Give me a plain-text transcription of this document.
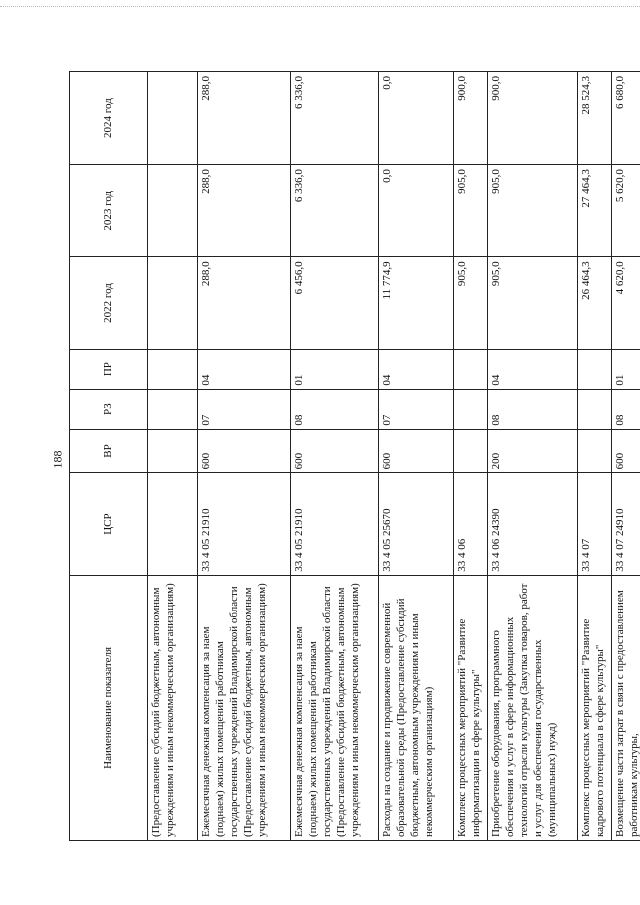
188
Наименование показателя	ЦСР	ВР	РЗ	ПР	2022 год	2023 год	2024 год
(Предоставление субсидий бюджетным, автономным учреждениям и иным некоммерческим организациям)							
Ежемесячная денежная компенсация за наем (поднаем) жилых помещений работникам государственных учреждений Владимирской области (Предоставление субсидий бюджетным, автономным учреждениям и иным некоммерческим организациям)	33 4 05 21910	600	07	04	288,0	288,0	288,0
Ежемесячная денежная компенсация за наем (поднаем) жилых помещений работникам государственных учреждений Владимирской области (Предоставление субсидий бюджетным, автономным учреждениям и иным некоммерческим организациям)	33 4 05 21910	600	08	01	6 456,0	6 336,0	6 336,0
Расходы на создание и продвижение современной образовательной среды (Предоставление субсидий бюджетным, автономным учреждениям и иным некоммерческим организациям)	33 4 05 25670	600	07	04	11 774,9	0,0	0,0
Комплекс процессных мероприятий "Развитие информатизации в сфере культуры"	33 4 06				905,0	905,0	900,0
Приобретение оборудования, программного обеспечения и услуг в сфере информационных технологий отрасли культуры (Закупка товаров, работ и услуг для обеспечения государственных (муниципальных) нужд)	33 4 06 24390	200	08	04	905,0	905,0	900,0
Комплекс процессных мероприятий "Развитие кадрового потенциала в сфере культуры"	33 4 07				26 464,3	27 464,3	28 524,3
Возмещение части затрат в связи с предоставлением работникам культуры,	33 4 07 24910	600	08	01	4 620,0	5 620,0	6 680,0
